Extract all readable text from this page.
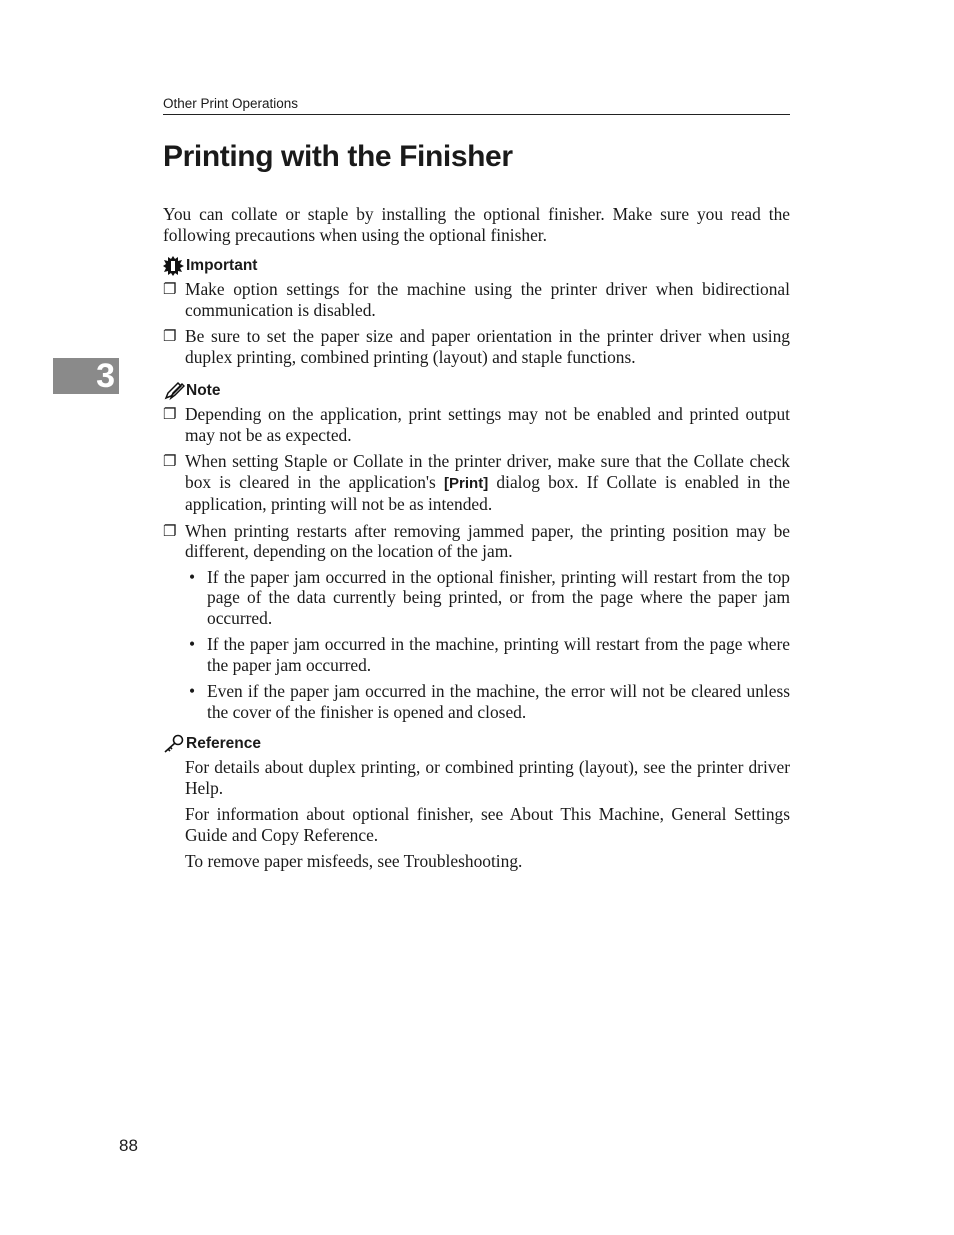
Other Print Operations
Printing with the Finisher
3

You can collate or staple by installing the optional finisher. Make sure you read the following precautions when using the optional finisher.

Important
❐ Make option settings for the machine using the printer driver when bidirectional communication is disabled.
❐ Be sure to set the paper size and paper orientation in the printer driver when using duplex printing, combined printing (layout) and staple functions.
Note
❐ Depending on the application, print settings may not be enabled and printed output may not be as expected.
❐ When setting Staple or Collate in the printer driver, make sure that the Collate check box is cleared in the application's [Print] dialog box. If Collate is enabled in the application, printing will not be as intended.
❐ When printing restarts after removing jammed paper, the printing position may be different, depending on the location of the jam.
• If the paper jam occurred in the optional finisher, printing will restart from the top page of the data currently being printed, or from the page where the paper jam occurred.
• If the paper jam occurred in the machine, printing will restart from the page where the paper jam occurred.
• Even if the paper jam occurred in the machine, the error will not be cleared unless the cover of the finisher is opened and closed.
Reference

For details about duplex printing, or combined printing (layout), see the printer driver Help.

For information about optional finisher, see About This Machine, General Settings Guide and Copy Reference.

To remove paper misfeeds, see Troubleshooting.

88
